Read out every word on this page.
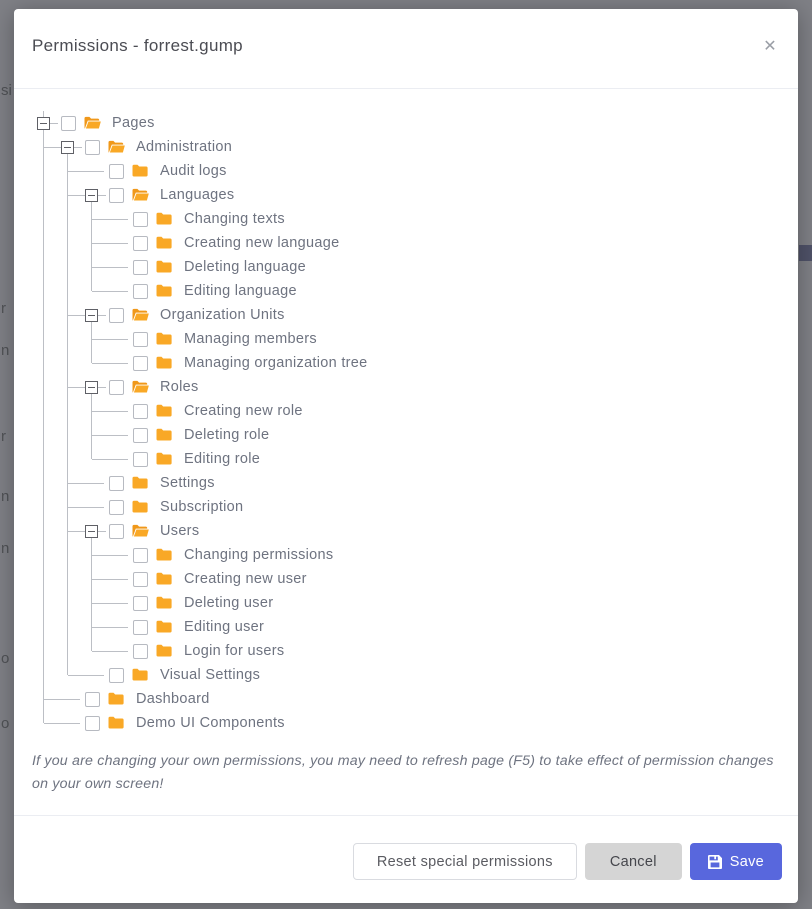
si
r
n
r
n
n
o
o
Permissions - forrest.gump	✕
Pages
Administration
Audit logs
Languages
Changing texts
Creating new language
Deleting language
Editing language
Organization Units
Managing members
Managing organization tree
Roles
Creating new role
Deleting role
Editing role
Settings
Subscription
Users
Changing permissions
Creating new user
Deleting user
Editing user
Login for users
Visual Settings
Dashboard
Demo UI Components
If you are changing your own permissions, you may need to refresh page (F5) to take effect of permission changes on your own screen!
Reset special permissions	Cancel	Save
